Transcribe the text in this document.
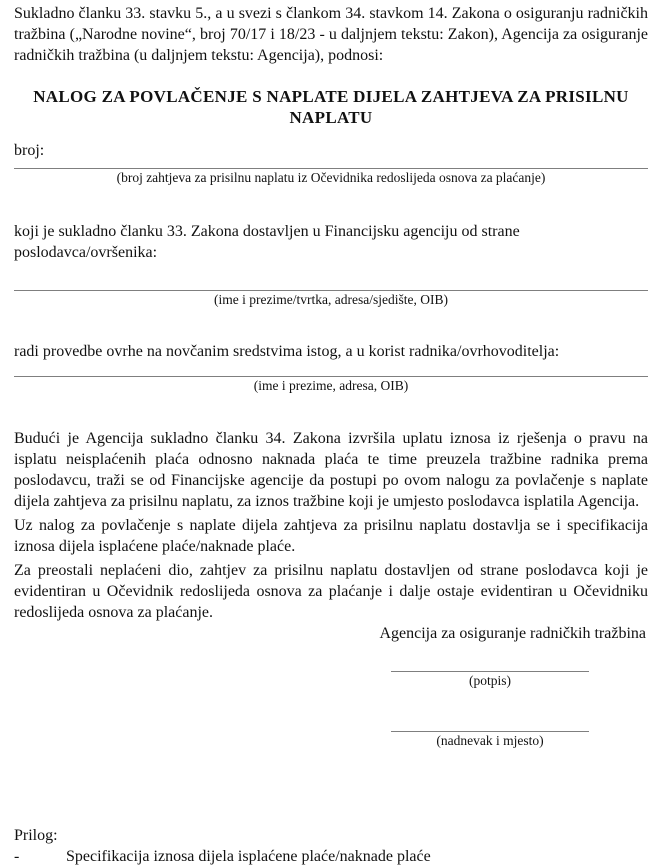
Sukladno članku 33. stavku 5., a u svezi s člankom 34. stavkom 14. Zakona o osiguranju radničkih tražbina („Narodne novine“, broj 70/17 i 18/23 - u daljnjem tekstu: Zakon), Agencija za osiguranje radničkih tražbina (u daljnjem tekstu: Agencija), podnosi:

NALOG ZA POVLAČENJE S NAPLATE DIJELA ZAHTJEVA ZA PRISILNU NAPLATU

broj:

(broj zahtjeva za prisilnu naplatu iz Očevidnika redoslijeda osnova za plaćanje)

koji je sukladno članku 33. Zakona dostavljen u Financijsku agenciju od strane poslodavca/ovršenika:

(ime i prezime/tvrtka, adresa/sjedište, OIB)

radi provedbe ovrhe na novčanim sredstvima istog, a u korist radnika/ovrhovoditelja:

(ime i prezime, adresa, OIB)

Budući je Agencija sukladno članku 34. Zakona izvršila uplatu iznosa iz rješenja o pravu na isplatu neisplaćenih plaća odnosno naknada plaća te time preuzela tražbine radnika prema poslodavcu, traži se od Financijske agencije da postupi po ovom nalogu za povlačenje s naplate dijela zahtjeva za prisilnu naplatu, za iznos tražbine koji je umjesto poslodavca isplatila Agencija.

Uz nalog za povlačenje s naplate dijela zahtjeva za prisilnu naplatu dostavlja se i specifikacija iznosa dijela isplaćene plaće/naknade plaće.

Za preostali neplaćeni dio, zahtjev za prisilnu naplatu dostavljen od strane poslodavca koji je evidentiran u Očevidnik redoslijeda osnova za plaćanje i dalje ostaje evidentiran u Očevidniku redoslijeda osnova za plaćanje.

Agencija za osiguranje radničkih tražbina

(potpis)
(nadnevak i mjesto)

Prilog:

-	Specifikacija iznosa dijela isplaćene plaće/naknade plaće
